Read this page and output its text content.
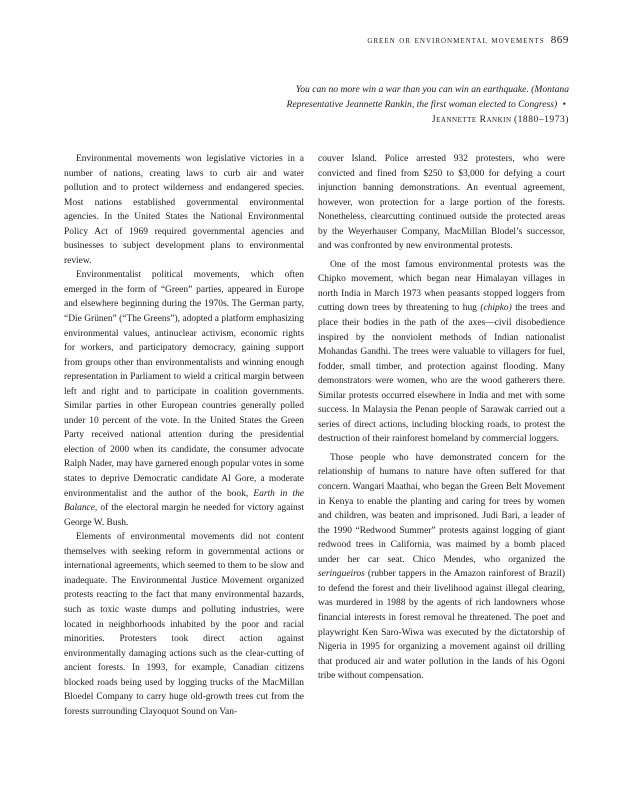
green or environmental movements 869
You can no more win a war than you can win an earthquake. (Montana Representative Jeannette Rankin, the first woman elected to Congress) • Jeannette Rankin (1880–1973)

Environmental movements won legislative victories in a number of nations, creating laws to curb air and water pollution and to protect wilderness and endangered species. Most nations established governmental environmental agencies. In the United States the National Environmental Policy Act of 1969 required governmental agencies and businesses to subject development plans to environmental review.

Environmentalist political movements, which often emerged in the form of “Green” parties, appeared in Europe and elsewhere beginning during the 1970s. The German party, “Die Grünen” (“The Greens”), adopted a platform emphasizing environmental values, antinuclear activism, economic rights for workers, and participatory democracy, gaining support from groups other than environmentalists and winning enough representation in Parliament to wield a critical margin between left and right and to participate in coalition governments. Similar parties in other European countries generally polled under 10 percent of the vote. In the United States the Green Party received national attention during the presidential election of 2000 when its candidate, the consumer advocate Ralph Nader, may have garnered enough popular votes in some states to deprive Democratic candidate Al Gore, a moderate environmentalist and the author of the book, Earth in the Balance, of the electoral margin he needed for victory against George W. Bush.

Elements of environmental movements did not content themselves with seeking reform in governmental actions or international agreements, which seemed to them to be slow and inadequate. The Environmental Justice Movement organized protests reacting to the fact that many environmental hazards, such as toxic waste dumps and polluting industries, were located in neighborhoods inhabited by the poor and racial minorities. Protesters took direct action against environmentally damaging actions such as the clear-cutting of ancient forests. In 1993, for example, Canadian citizens blocked roads being used by logging trucks of the MacMillan Bloedel Company to carry huge old-growth trees cut from the forests surrounding Clayoquot Sound on Van-

couver Island. Police arrested 932 protesters, who were convicted and fined from $250 to $3,000 for defying a court injunction banning demonstrations. An eventual agreement, however, won protection for a large portion of the forests. Nonetheless, clearcutting continued outside the protected areas by the Weyerhauser Company, MacMillan Blodel’s successor, and was confronted by new environmental protests.

One of the most famous environmental protests was the Chipko movement, which began near Himalayan villages in north India in March 1973 when peasants stopped loggers from cutting down trees by threatening to hug (chipko) the trees and place their bodies in the path of the axes—civil disobedience inspired by the nonviolent methods of Indian nationalist Mohandas Gandhi. The trees were valuable to villagers for fuel, fodder, small timber, and protection against flooding. Many demonstrators were women, who are the wood gatherers there. Similar protests occurred elsewhere in India and met with some success. In Malaysia the Penan people of Sarawak carried out a series of direct actions, including blocking roads, to protest the destruction of their rainforest homeland by commercial loggers.

Those people who have demonstrated concern for the relationship of humans to nature have often suffered for that concern. Wangari Maathai, who began the Green Belt Movement in Kenya to enable the planting and caring for trees by women and children, was beaten and imprisoned. Judi Bari, a leader of the 1990 “Redwood Summer” protests against logging of giant redwood trees in California, was maimed by a bomb placed under her car seat. Chico Mendes, who organized the seringueiros (rubber tappers in the Amazon rainforest of Brazil) to defend the forest and their livelihood against illegal clearing, was murdered in 1988 by the agents of rich landowners whose financial interests in forest removal he threatened. The poet and playwright Ken Saro-Wiwa was executed by the dictatorship of Nigeria in 1995 for organizing a movement against oil drilling that produced air and water pollution in the lands of his Ogoni tribe without compensation.
